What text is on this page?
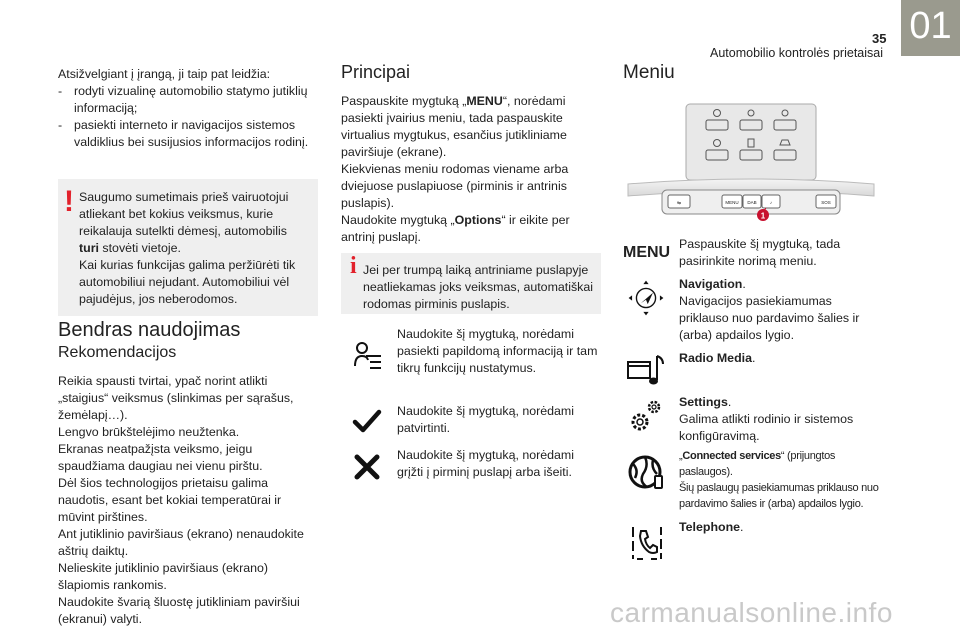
35
Automobilio kontrolės prietaisai
01
Atsižvelgiant į įrangą, ji taip pat leidžia:
- rodyti vizualinę automobilio statymo jutiklių informaciją;
- pasiekti interneto ir navigacijos sistemos valdiklius bei susijusios informacijos rodinį.
! Saugumo sumetimais prieš vairuotojui atliekant bet kokius veiksmus, kurie reikalauja sutelkti dėmesį, automobilis turi stovėti vietoje.
Kai kurias funkcijas galima peržiūrėti tik automobiliui nejudant. Automobiliui vėl pajudėjus, jos neberodomos.
Bendras naudojimas
Rekomendacijos
Reikia spausti tvirtai, ypač norint atlikti „staigius“ veiksmus (slinkimas per sąrašus, žemėlapį…).
Lengvo brūkštelėjimo neužtenka.
Ekranas neatpažįsta veiksmo, jeigu spaudžiama daugiau nei vienu pirštu.
Dėl šios technologijos prietaisu galima naudotis, esant bet kokiai temperatūrai ir mūvint pirštines.
Ant jutiklinio paviršiaus (ekrano) nenaudokite aštrių daiktų.
Nelieskite jutiklinio paviršiaus (ekrano) šlapiomis rankomis.
Naudokite švarią šluostę jutikliniam paviršiui (ekranui) valyti.
Principai
Paspauskite mygtuką „MENU“, norėdami pasiekti įvairius meniu, tada paspauskite virtualius mygtukus, esančius jutikliniame paviršiuje (ekrane).
Kiekvienas meniu rodomas viename arba dviejuose puslapiuose (pirminis ir antrinis puslapis).
Naudokite mygtuką „Options“ ir eikite per antrinį puslapį.
i Jei per trumpą laiką antriniame puslapyje neatliekamas joks veiksmas, automatiškai rodomas pirminis puslapis.
Naudokite šį mygtuką, norėdami pasiekti papildomą informaciją ir tam tikrų funkcijų nustatymus.
Naudokite šį mygtuką, norėdami patvirtinti.
Naudokite šį mygtuką, norėdami grįžti į pirminį puslapį arba išeiti.
Meniu
⇆	MENU DAB	♪	SOS
1
MENU Paspauskite šį mygtuką, tada pasirinkite norimą meniu.
Navigation.
Navigacijos pasiekiamumas priklauso nuo pardavimo šalies ir (arba) apdailos lygio.
Radio Media.
Settings.
Galima atlikti rodinio ir sistemos konfigūravimą.
„Connected services“ (prijungtos paslaugos).
Šių paslaugų pasiekiamumas priklauso nuo pardavimo šalies ir (arba) apdailos lygio.
Telephone.
carmanualsonline.info
